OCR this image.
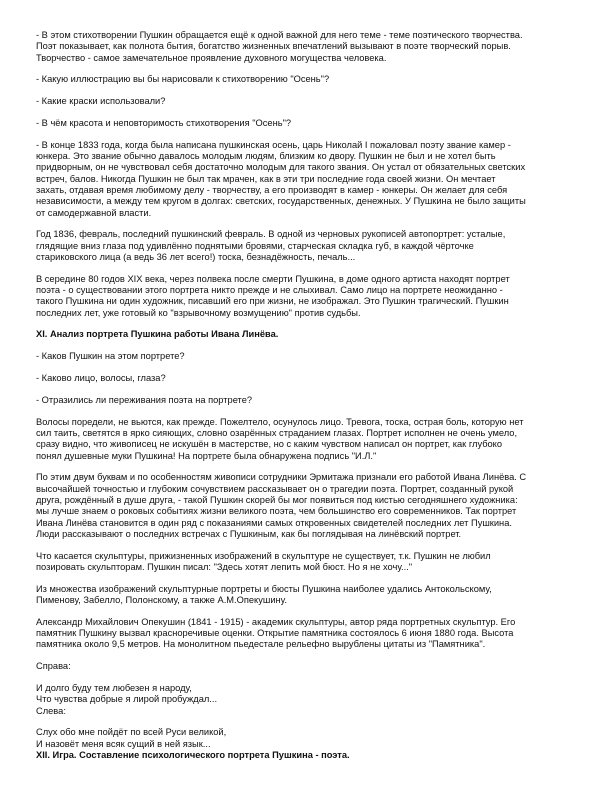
- В этом стихотворении Пушкин обращается ещё к одной важной для него теме - теме поэтического творчества.
Поэт показывает, как полнота бытия, богатство жизненных впечатлений вызывают в поэте творческий порыв.
Творчество - самое замечательное проявление духовного могущества человека.
- Какую иллюстрацию вы бы нарисовали к стихотворению "Осень"?
- Какие краски использовали?
- В чём красота и неповторимость стихотворения "Осень"?
- В конце 1833 года, когда была написана пушкинская осень, царь Николай I пожаловал поэту звание камер -
юнкера. Это звание обычно давалось молодым людям, близким ко двору. Пушкин не был и не хотел быть
придворным, он не чувствовал себя достаточно молодым для такого звания. Он устал от обязательных светских
встреч, балов. Никогда Пушкин не был так мрачен, как в эти три последние года своей жизни. Он мечтает
захать, отдавая время любимому делу - творчеству, а его производят в камер - юнкеры. Он желает для себя
независимости, а между тем кругом в долгах: светских, государственных, денежных. У Пушкина не было защиты
от самодержавной власти.
Год 1836, февраль, последний пушкинский февраль. В одной из черновых рукописей автопортрет: усталые,
глядящие вниз глаза под удивлённо поднятыми бровями, старческая складка губ, в каждой чёрточке
стариковского лица (а ведь 36 лет всего!) тоска, безнадёжность, печаль...
В середине 80 годов XIX века, через полвека после смерти Пушкина, в доме одного артиста находят портрет
поэта - о существовании этого портрета никто прежде и не слыхивал. Само лицо на портрете неожиданно -
такого Пушкина ни один художник, писавший его при жизни, не изображал. Это Пушкин трагический. Пушкин
последних лет, уже готовый ко "взрывочному возмущению" против судьбы.
XI. Анализ портрета Пушкина работы Ивана Линёва.
- Каков Пушкин на этом портрете?
- Каково лицо, волосы, глаза?
- Отразились ли переживания поэта на портрете?
Волосы поредели, не вьются, как прежде. Пожелтело, осунулось лицо. Тревога, тоска, острая боль, которую нет
сил таить, светятся в ярко сияющих, словно озарённых страданием глазах. Портрет исполнен не очень умело,
сразу видно, что живописец не искушён в мастерстве, но с каким чувством написал он портрет, как глубоко
понял душевные муки Пушкина! На портрете была обнаружена подпись "И.Л."
По этим двум буквам и по особенностям живописи сотрудники Эрмитажа признали его работой Ивана Линёва. С
высочайшей точностью и глубоким сочувствием рассказывает он о трагедии поэта. Портрет, созданный рукой
друга, рождённый в душе друга, - такой Пушкин скорей бы мог появиться под кистью сегодняшнего художника:
мы лучше знаем о роковых событиях жизни великого поэта, чем большинство его современников. Так портрет
Ивана Линёва становится в один ряд с показаниями самых откровенных свидетелей последних лет Пушкина.
Люди рассказывают о последних встречах с Пушкиным, как бы поглядывая на линёвский портрет.
Что касается скульптуры, прижизненных изображений в скульптуре не существует, т.к. Пушкин не любил
позировать скульпторам. Пушкин писал: "Здесь хотят лепить мой бюст. Но я не хочу..."
Из множества изображений скульптурные портреты и бюсты Пушкина наиболее удались Антокольскому,
Пименову, Забелло, Полонскому, а также А.М.Опекушину.
Александр Михайлович Опекушин (1841 - 1915) - академик скульптуры, автор ряда портретных скульптур. Его
памятник Пушкину вызвал красноречивые оценки. Открытие памятника состоялось 6 июня 1880 года. Высота
памятника около 9,5 метров. На монолитном пьедестале рельефно вырублены цитаты из "Памятника".
Справа:
И долго буду тем любезен я народу,
Что чувства добрые я лирой пробуждал...
Слева:
Слух обо мне пойдёт по всей Руси великой,
И назовёт меня всяк сущий в ней язык...
XII. Игра. Составление психологического портрета Пушкина - поэта.
